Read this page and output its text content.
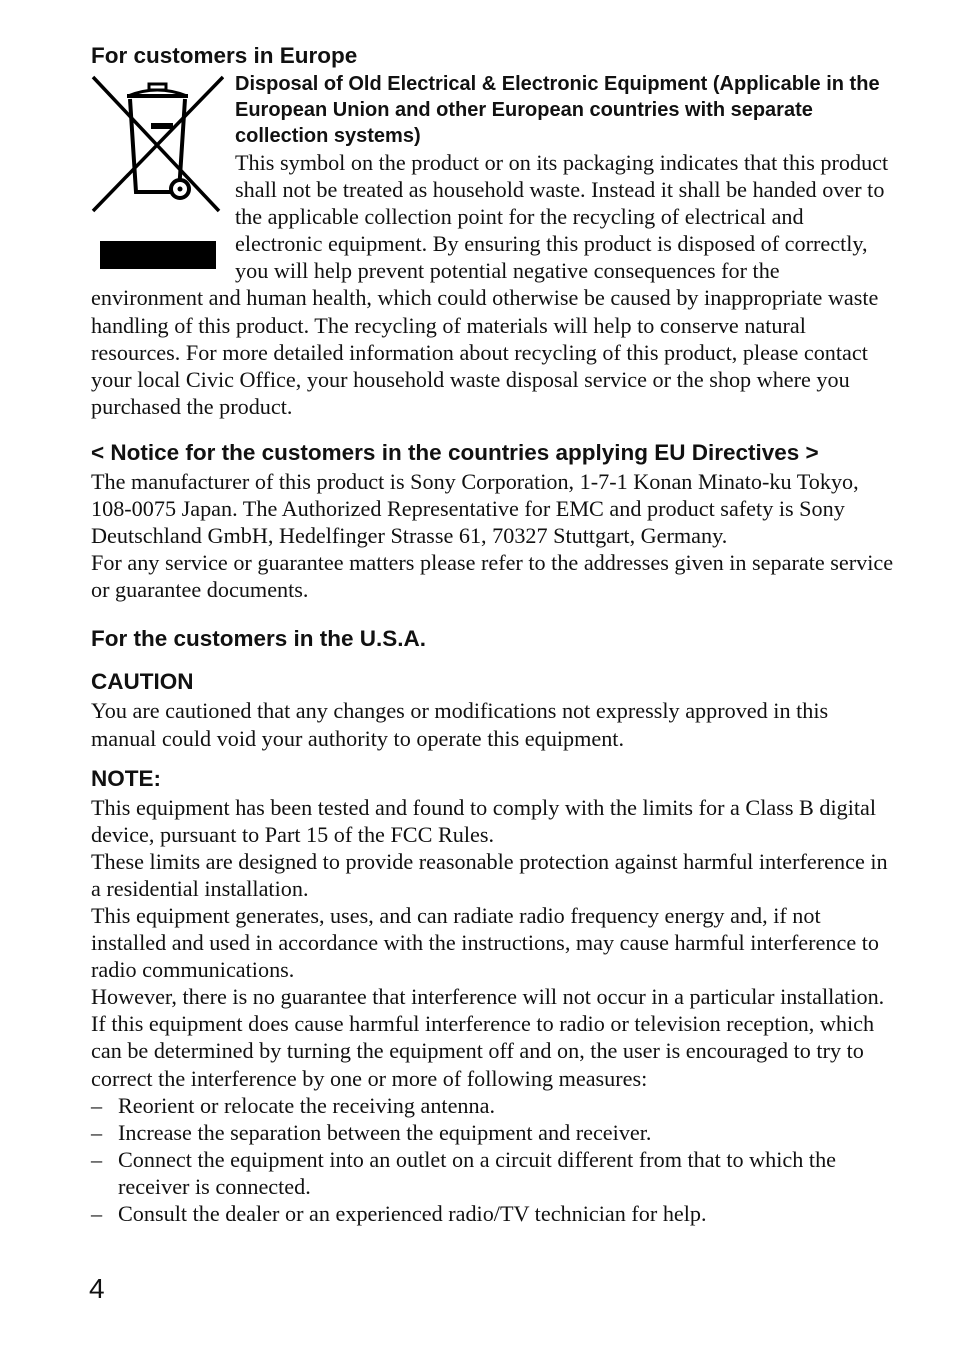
For customers in Europe

Disposal of Old Electrical & Electronic Equipment (Applicable in the European Union and other European countries with separate collection systems)

This symbol on the product or on its packaging indicates that this product shall not be treated as household waste. Instead it shall be handed over to the applicable collection point for the recycling of electrical and electronic equipment. By ensuring this product is disposed of correctly, you will help prevent potential negative consequences for the environment and human health, which could otherwise be caused by inappropriate waste handling of this product. The recycling of materials will help to conserve natural resources. For more detailed information about recycling of this product, please contact your local Civic Office, your household waste disposal service or the shop where you purchased the product.

< Notice for the customers in the countries applying EU Directives >

The manufacturer of this product is Sony Corporation, 1-7-1 Konan Minato-ku Tokyo, 108-0075 Japan. The Authorized Representative for EMC and product safety is Sony Deutschland GmbH, Hedelfinger Strasse 61, 70327 Stuttgart, Germany.

For any service or guarantee matters please refer to the addresses given in separate service or guarantee documents.

For the customers in the U.S.A.
CAUTION

You are cautioned that any changes or modifications not expressly approved in this manual could void your authority to operate this equipment.

NOTE:

This equipment has been tested and found to comply with the limits for a Class B digital device, pursuant to Part 15 of the FCC Rules.

These limits are designed to provide reasonable protection against harmful interference in a residential installation.

This equipment generates, uses, and can radiate radio frequency energy and, if not installed and used in accordance with the instructions, may cause harmful interference to radio communications.

However, there is no guarantee that interference will not occur in a particular installation. If this equipment does cause harmful interference to radio or television reception, which can be determined by turning the equipment off and on, the user is encouraged to try to correct the interference by one or more of following measures:

– Reorient or relocate the receiving antenna.
– Increase the separation between the equipment and receiver.
– Connect the equipment into an outlet on a circuit different from that to which the receiver is connected.
– Consult the dealer or an experienced radio/TV technician for help.
4
